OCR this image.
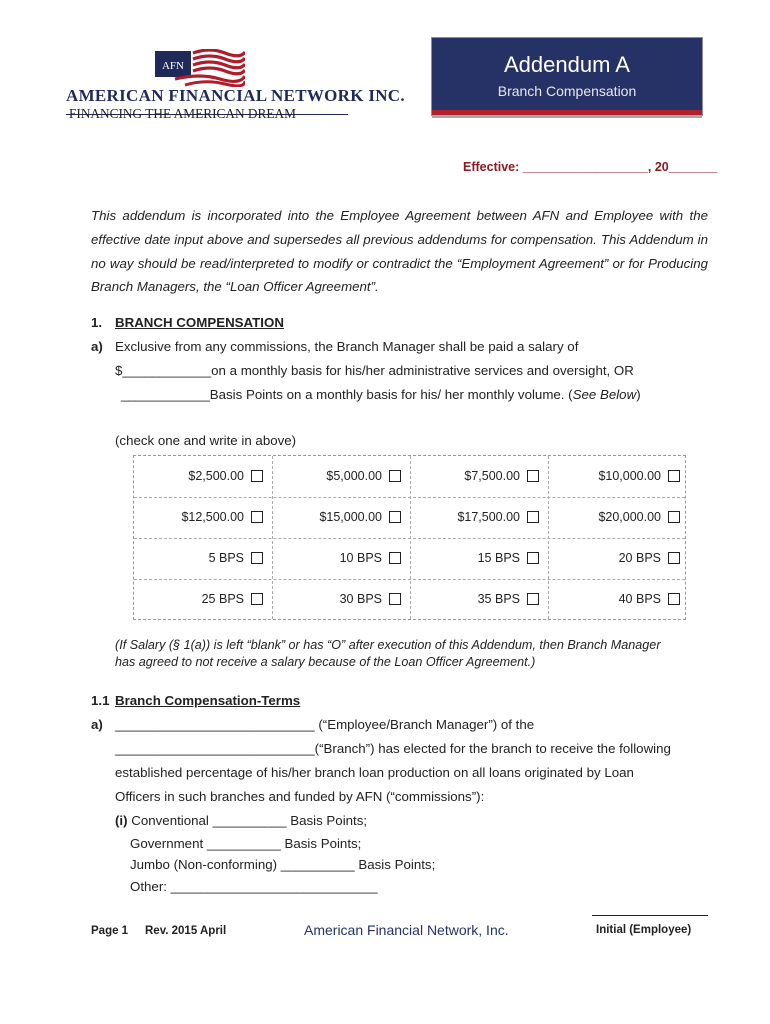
AFN
AMERICAN FINANCIAL NETWORK INC.
FINANCING THE AMERICAN DREAM
Addendum A
Branch Compensation
Effective: __________________, 20_______
This addendum is incorporated into the Employee Agreement between AFN and Employee with the effective date input above and supersedes all previous addendums for compensation. This Addendum in no way should be read/interpreted to modify or contradict the “Employment Agreement” or for Producing Branch Managers, the “Loan Officer Agreement”.
1. BRANCH COMPENSATION
a) Exclusive from any commissions, the Branch Manager shall be paid a salary of
$____________on a monthly basis for his/her administrative services and oversight, OR
____________Basis Points on a monthly basis for his/ her monthly volume. (See Below)
(check one and write in above)
$2,500.00	$5,000.00	$7,500.00	$10,000.00
$12,500.00	$15,000.00	$17,500.00	$20,000.00
5 BPS	10 BPS	15 BPS	20 BPS
25 BPS	30 BPS	35 BPS	40 BPS
(If Salary (§ 1(a)) is left “blank” or has “O” after execution of this Addendum, then Branch Manager has agreed to not receive a salary because of the Loan Officer Agreement.)
1.1 Branch Compensation-Terms
a) ___________________________ (“Employee/Branch Manager”) of the
___________________________(“Branch”) has elected for the branch to receive the following
established percentage of his/her branch loan production on all loans originated by Loan
Officers in such branches and funded by AFN (“commissions”):
(i) Conventional __________ Basis Points;
Government __________ Basis Points;
Jumbo (Non-conforming) __________ Basis Points;
Other: ____________________________
Page 1 Rev. 2015 April	American Financial Network, Inc.	Initial (Employee)
